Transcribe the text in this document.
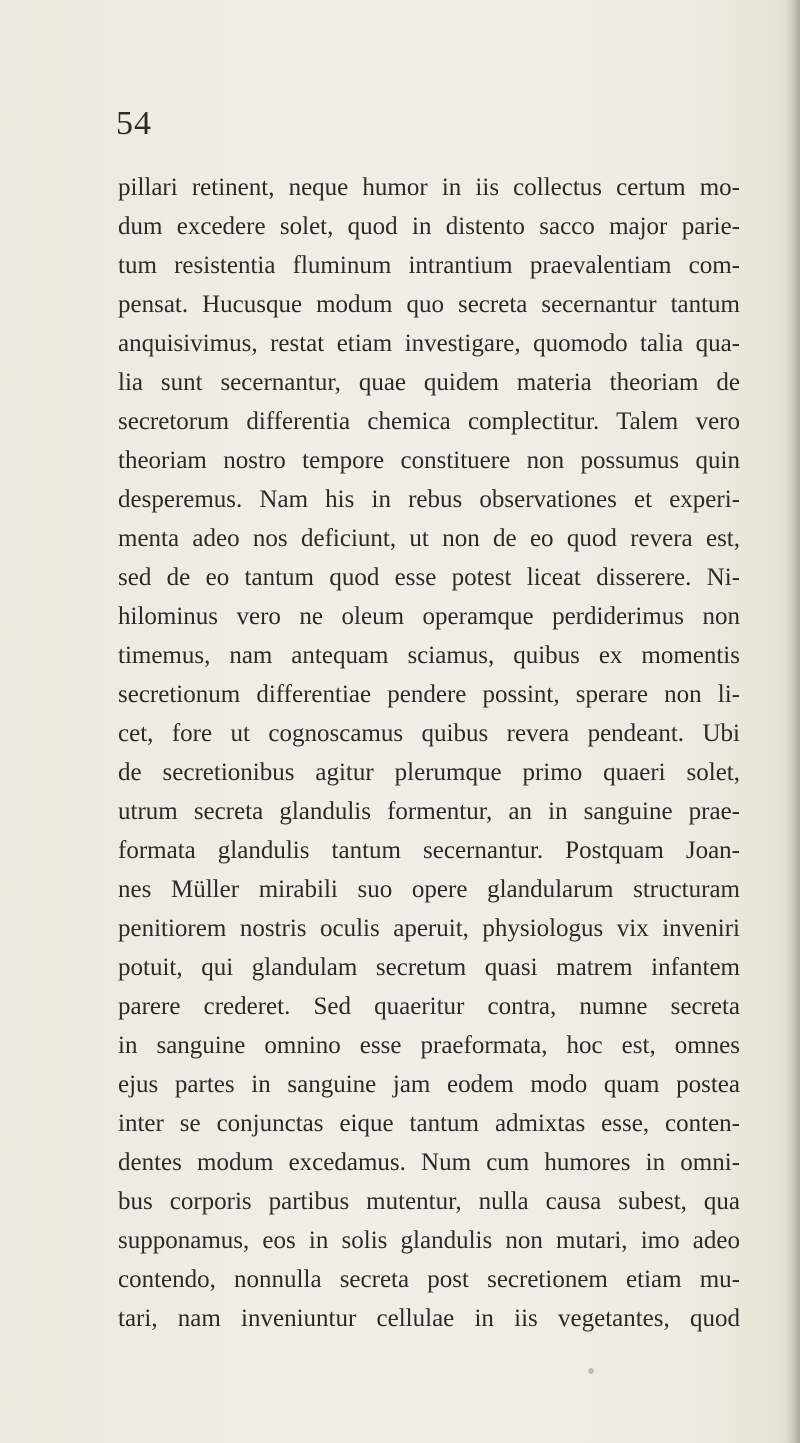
54
pillari retinent, neque humor in iis collectus certum mo-
dum excedere solet, quod in distento sacco major parie-
tum resistentia fluminum intrantium praevalentiam com-
pensat. Hucusque modum quo secreta secernantur tantum
anquisivimus, restat etiam investigare, quomodo talia qua-
lia sunt secernantur, quae quidem materia theoriam de
secretorum differentia chemica complectitur. Talem vero
theoriam nostro tempore constituere non possumus quin
desperemus. Nam his in rebus observationes et experi-
menta adeo nos deficiunt, ut non de eo quod revera est,
sed de eo tantum quod esse potest liceat disserere. Ni-
hilominus vero ne oleum operamque perdiderimus non
timemus, nam antequam sciamus, quibus ex momentis
secretionum differentiae pendere possint, sperare non li-
cet, fore ut cognoscamus quibus revera pendeant. Ubi
de secretionibus agitur plerumque primo quaeri solet,
utrum secreta glandulis formentur, an in sanguine prae-
formata glandulis tantum secernantur. Postquam Joan-
nes Müller mirabili suo opere glandularum structuram
penitiorem nostris oculis aperuit, physiologus vix inveniri
potuit, qui glandulam secretum quasi matrem infantem
parere crederet. Sed quaeritur contra, numne secreta
in sanguine omnino esse praeformata, hoc est, omnes
ejus partes in sanguine jam eodem modo quam postea
inter se conjunctas eique tantum admixtas esse, conten-
dentes modum excedamus. Num cum humores in omni-
bus corporis partibus mutentur, nulla causa subest, qua
supponamus, eos in solis glandulis non mutari, imo adeo
contendo, nonnulla secreta post secretionem etiam mu-
tari, nam inveniuntur cellulae in iis vegetantes, quod
